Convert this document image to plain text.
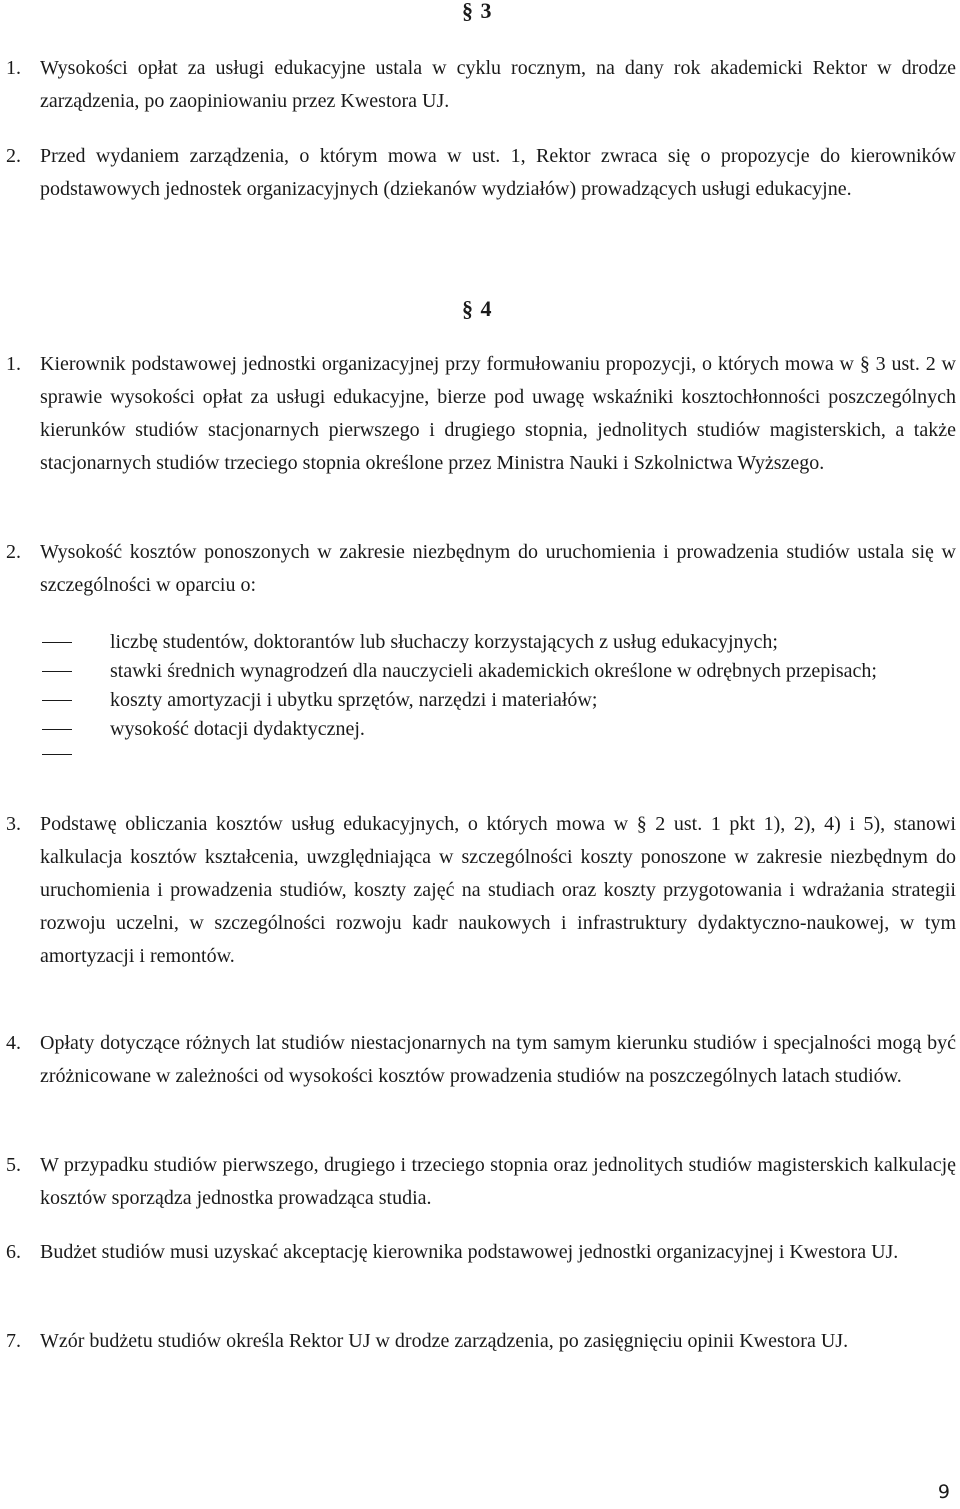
§ 3
1. Wysokości opłat za usługi edukacyjne ustala w cyklu rocznym, na dany rok akademicki Rektor w drodze zarządzenia, po zaopiniowaniu przez Kwestora UJ.
2. Przed wydaniem zarządzenia, o którym mowa w ust. 1, Rektor zwraca się o propozycje do kierowników podstawowych jednostek organizacyjnych (dziekanów wydziałów) prowadzących usługi edukacyjne.
§ 4
1. Kierownik podstawowej jednostki organizacyjnej przy formułowaniu propozycji, o których mowa w § 3 ust. 2 w sprawie wysokości opłat za usługi edukacyjne, bierze pod uwagę wskaźniki kosztochłonności poszczególnych kierunków studiów stacjonarnych pierwszego i drugiego stopnia, jednolitych studiów magisterskich, a także stacjonarnych studiów trzeciego stopnia określone przez Ministra Nauki i Szkolnictwa Wyższego.
2. Wysokość kosztów ponoszonych w zakresie niezbędnym do uruchomienia i prowadzenia studiów ustala się w szczególności w oparciu o:
liczbę studentów, doktorantów lub słuchaczy korzystających z usług edukacyjnych;
stawki średnich wynagrodzeń dla nauczycieli akademickich określone w odrębnych przepisach;
koszty amortyzacji i ubytku sprzętów, narzędzi i materiałów;
wysokość dotacji dydaktycznej.
3. Podstawę obliczania kosztów usług edukacyjnych, o których mowa w § 2 ust. 1 pkt 1), 2), 4) i 5), stanowi kalkulacja kosztów kształcenia, uwzględniająca w szczególności koszty ponoszone w zakresie niezbędnym do uruchomienia i prowadzenia studiów, koszty zajęć na studiach oraz koszty przygotowania i wdrażania strategii rozwoju uczelni, w szczególności rozwoju kadr naukowych i infrastruktury dydaktyczno-naukowej, w tym amortyzacji i remontów.
4. Opłaty dotyczące różnych lat studiów niestacjonarnych na tym samym kierunku studiów i specjalności mogą być zróżnicowane w zależności od wysokości kosztów prowadzenia studiów na poszczególnych latach studiów.
5. W przypadku studiów pierwszego, drugiego i trzeciego stopnia oraz jednolitych studiów magisterskich kalkulację kosztów sporządza jednostka prowadząca studia.
6. Budżet studiów musi uzyskać akceptację kierownika podstawowej jednostki organizacyjnej i Kwestora UJ.
7. Wzór budżetu studiów określa Rektor UJ w drodze zarządzenia, po zasięgnięciu opinii Kwestora UJ.
9
